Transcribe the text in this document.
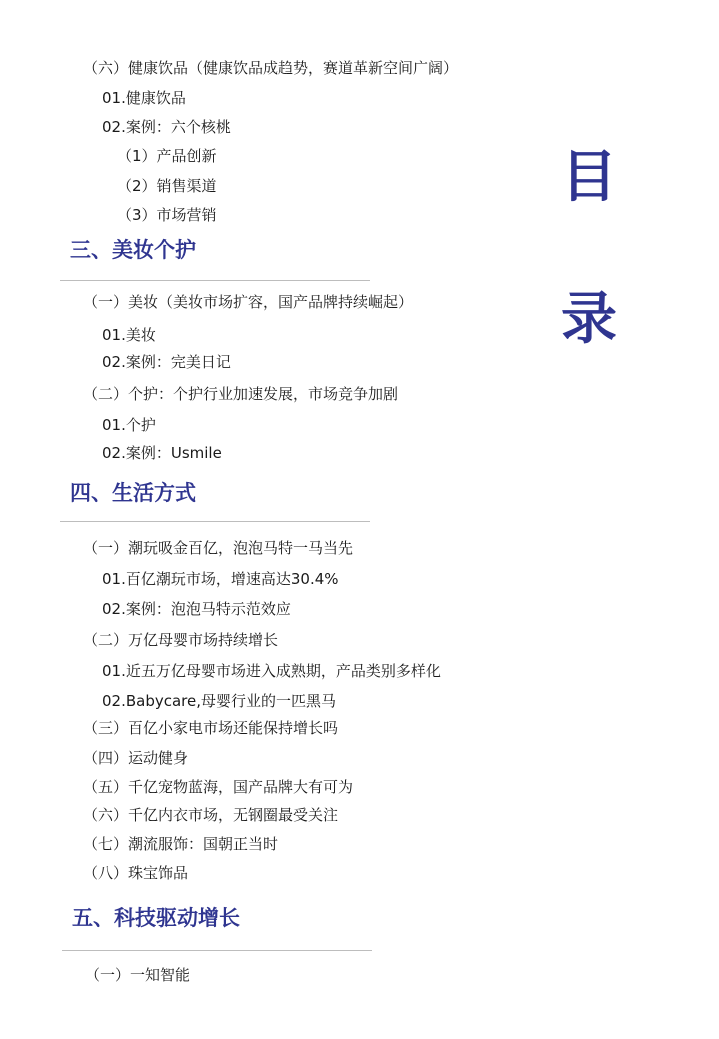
目
录
（六）健康饮品（健康饮品成趋势，赛道革新空间广阔）
01.健康饮品
02.案例：六个核桃
（1）产品创新
（2）销售渠道
（3）市场营销
三、美妆个护
（一）美妆（美妆市场扩容，国产品牌持续崛起）
01.美妆
02.案例：完美日记
（二）个护：个护行业加速发展，市场竞争加剧
01.个护
02.案例：Usmile
四、生活方式
（一）潮玩吸金百亿，泡泡马特一马当先
01.百亿潮玩市场，增速高达30.4%
02.案例：泡泡马特示范效应
（二）万亿母婴市场持续增长
01.近五万亿母婴市场进入成熟期，产品类别多样化
02.Babycare,母婴行业的一匹黑马
（三）百亿小家电市场还能保持增长吗
（四）运动健身
（五）千亿宠物蓝海，国产品牌大有可为
（六）千亿内衣市场，无钢圈最受关注
（七）潮流服饰：国朝正当时
（八）珠宝饰品
五、科技驱动增长
（一）一知智能
